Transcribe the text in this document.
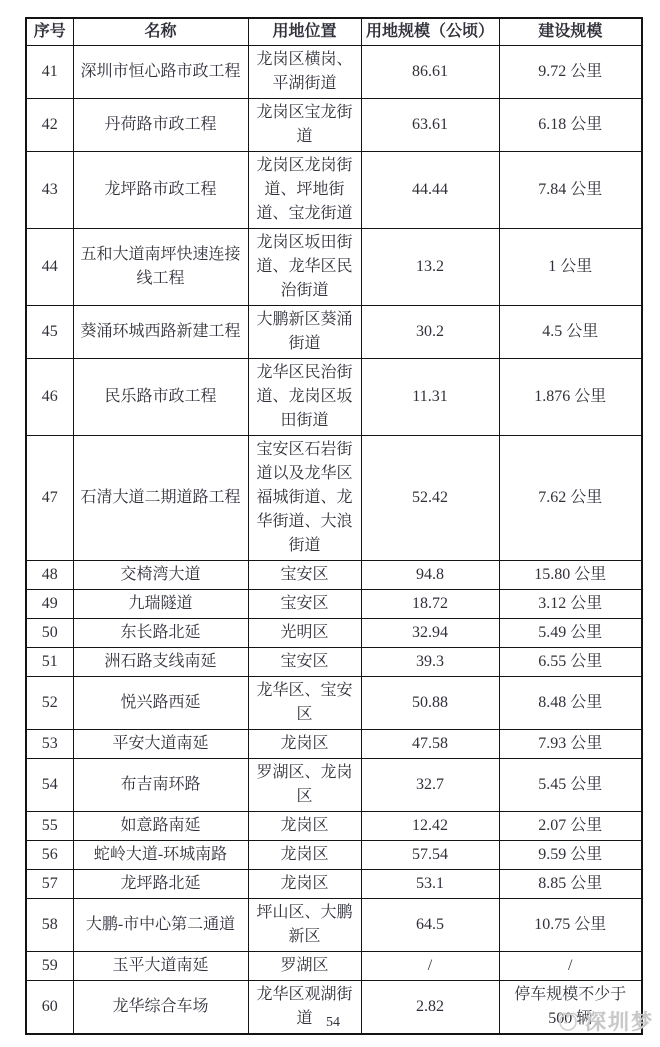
序号	名称	用地位置	用地规模（公顷）	建设规模
41	深圳市恒心路市政工程	龙岗区横岗、平湖街道	86.61	9.72 公里
42	丹荷路市政工程	龙岗区宝龙街道	63.61	6.18 公里
43	龙坪路市政工程	龙岗区龙岗街道、坪地街道、宝龙街道	44.44	7.84 公里
44	五和大道南坪快速连接线工程	龙岗区坂田街道、龙华区民治街道	13.2	1 公里
45	葵涌环城西路新建工程	大鹏新区葵涌街道	30.2	4.5 公里
46	民乐路市政工程	龙华区民治街道、龙岗区坂田街道	11.31	1.876 公里
47	石清大道二期道路工程	宝安区石岩街道以及龙华区福城街道、龙华街道、大浪街道	52.42	7.62 公里
48	交椅湾大道	宝安区	94.8	15.80 公里
49	九瑞隧道	宝安区	18.72	3.12 公里
50	东长路北延	光明区	32.94	5.49 公里
51	洲石路支线南延	宝安区	39.3	6.55 公里
52	悦兴路西延	龙华区、宝安区	50.88	8.48 公里
53	平安大道南延	龙岗区	47.58	7.93 公里
54	布吉南环路	罗湖区、龙岗区	32.7	5.45 公里
55	如意路南延	龙岗区	12.42	2.07 公里
56	蛇岭大道-环城南路	龙岗区	57.54	9.59 公里
57	龙坪路北延	龙岗区	53.1	8.85 公里
58	大鹏-市中心第二通道	坪山区、大鹏新区	64.5	10.75 公里
59	玉平大道南延	罗湖区	/	/
60	龙华综合车场	龙华区观湖街道	2.82	停车规模不少于 500 辆
54	深圳梦
